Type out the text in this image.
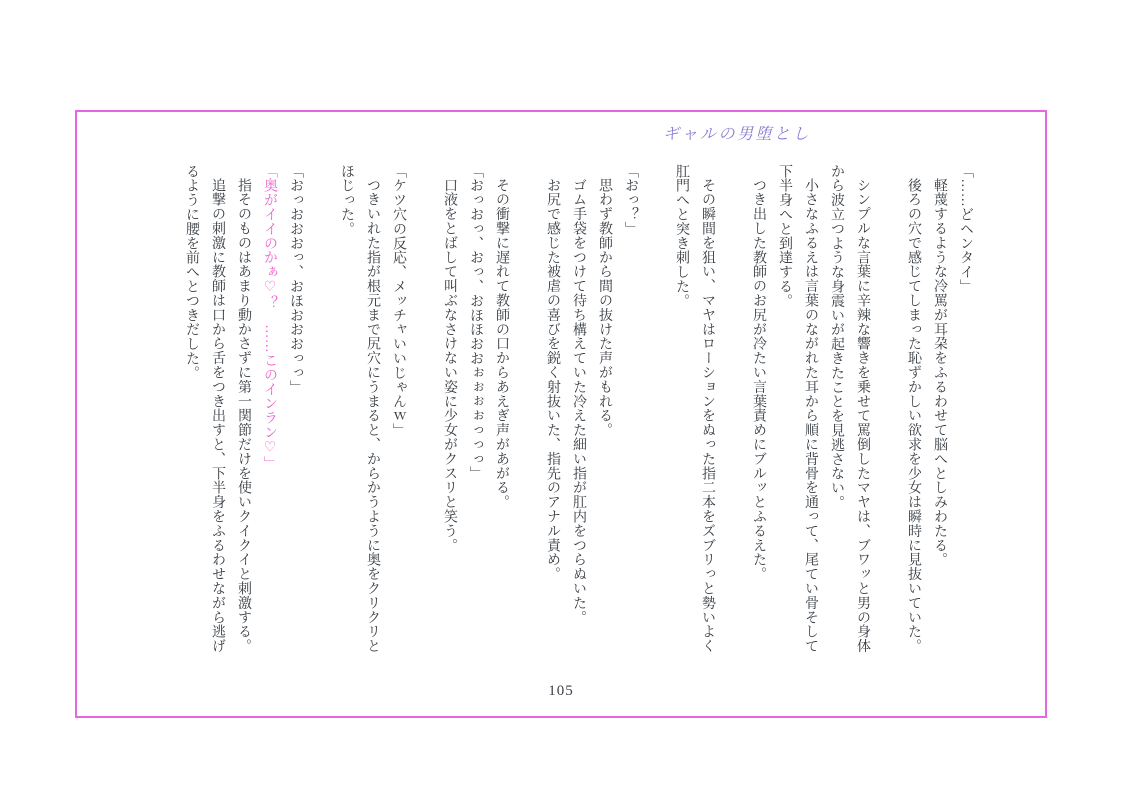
ギャルの男堕とし

「……どヘンタイ」

軽蔑するような冷罵が耳朶をふるわせて脳へとしみわたる。

後ろの穴で感じてしまった恥ずかしい欲求を少女は瞬時に見抜いていた。

シンプルな言葉に辛辣な響きを乗せて罵倒したマヤは、ブワッと男の身体

から波立つような身震いが起きたことを見逃さない。

小さなふるえは言葉のながれた耳から順に背骨を通って、尾てい骨そして

下半身へと到達する。

つき出した教師のお尻が冷たい言葉責めにブルッとふるえた。

その瞬間を狙い、マヤはローションをぬった指二本をズブリっと勢いよく

肛門へと突き刺した。

「おっ？」

思わず教師から間の抜けた声がもれる。

ゴム手袋をつけて待ち構えていた冷えた細い指が肛内をつらぬいた。

お尻で感じた被虐の喜びを鋭く射抜いた、指先のアナル責め。

その衝撃に遅れて教師の口からあえぎ声があがる。

「おっおっ、おっ、おほほおおぉぉぉぉっっっ」

口液をとばして叫ぶなさけない姿に少女がクスリと笑う。

「ケツ穴の反応、メッチャいいじゃんｗ」

つきいれた指が根元まで尻穴にうまると、からかうように奥をクリクリと

ほじった。

「おっおおおっ、おほおおおっっ」

「奥がイイのかぁ♡？　……このインラン♡」

指そのものはあまり動かさずに第一関節だけを使いクイクイと刺激する。

追撃の刺激に教師は口から舌をつき出すと、下半身をふるわせながら逃げ

るように腰を前へとつきだした。

105
